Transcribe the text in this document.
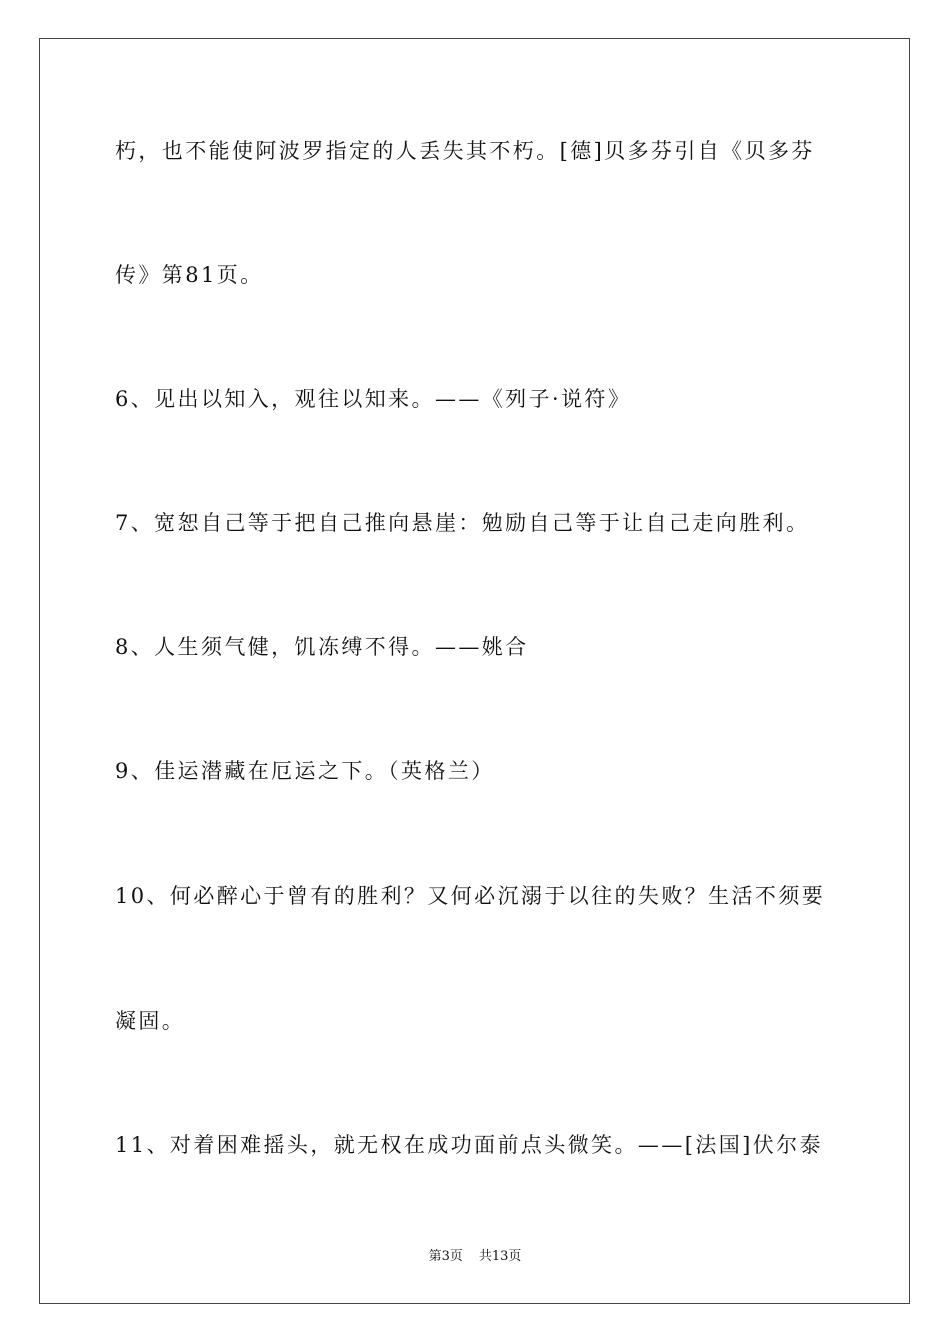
朽，也不能使阿波罗指定的人丢失其不朽。[德]贝多芬引自《贝多芬
传》第81页。
6、见出以知入，观往以知来。——《列子·说符》
7、宽恕自己等于把自己推向悬崖：勉励自己等于让自己走向胜利。
8、人生须气健，饥冻缚不得。——姚合
9、佳运潜藏在厄运之下。（英格兰）
10、何必醉心于曾有的胜利？又何必沉溺于以往的失败？生活不须要
凝固。
11、对着困难摇头，就无权在成功面前点头微笑。——[法国]伏尔泰
第3页 共13页
